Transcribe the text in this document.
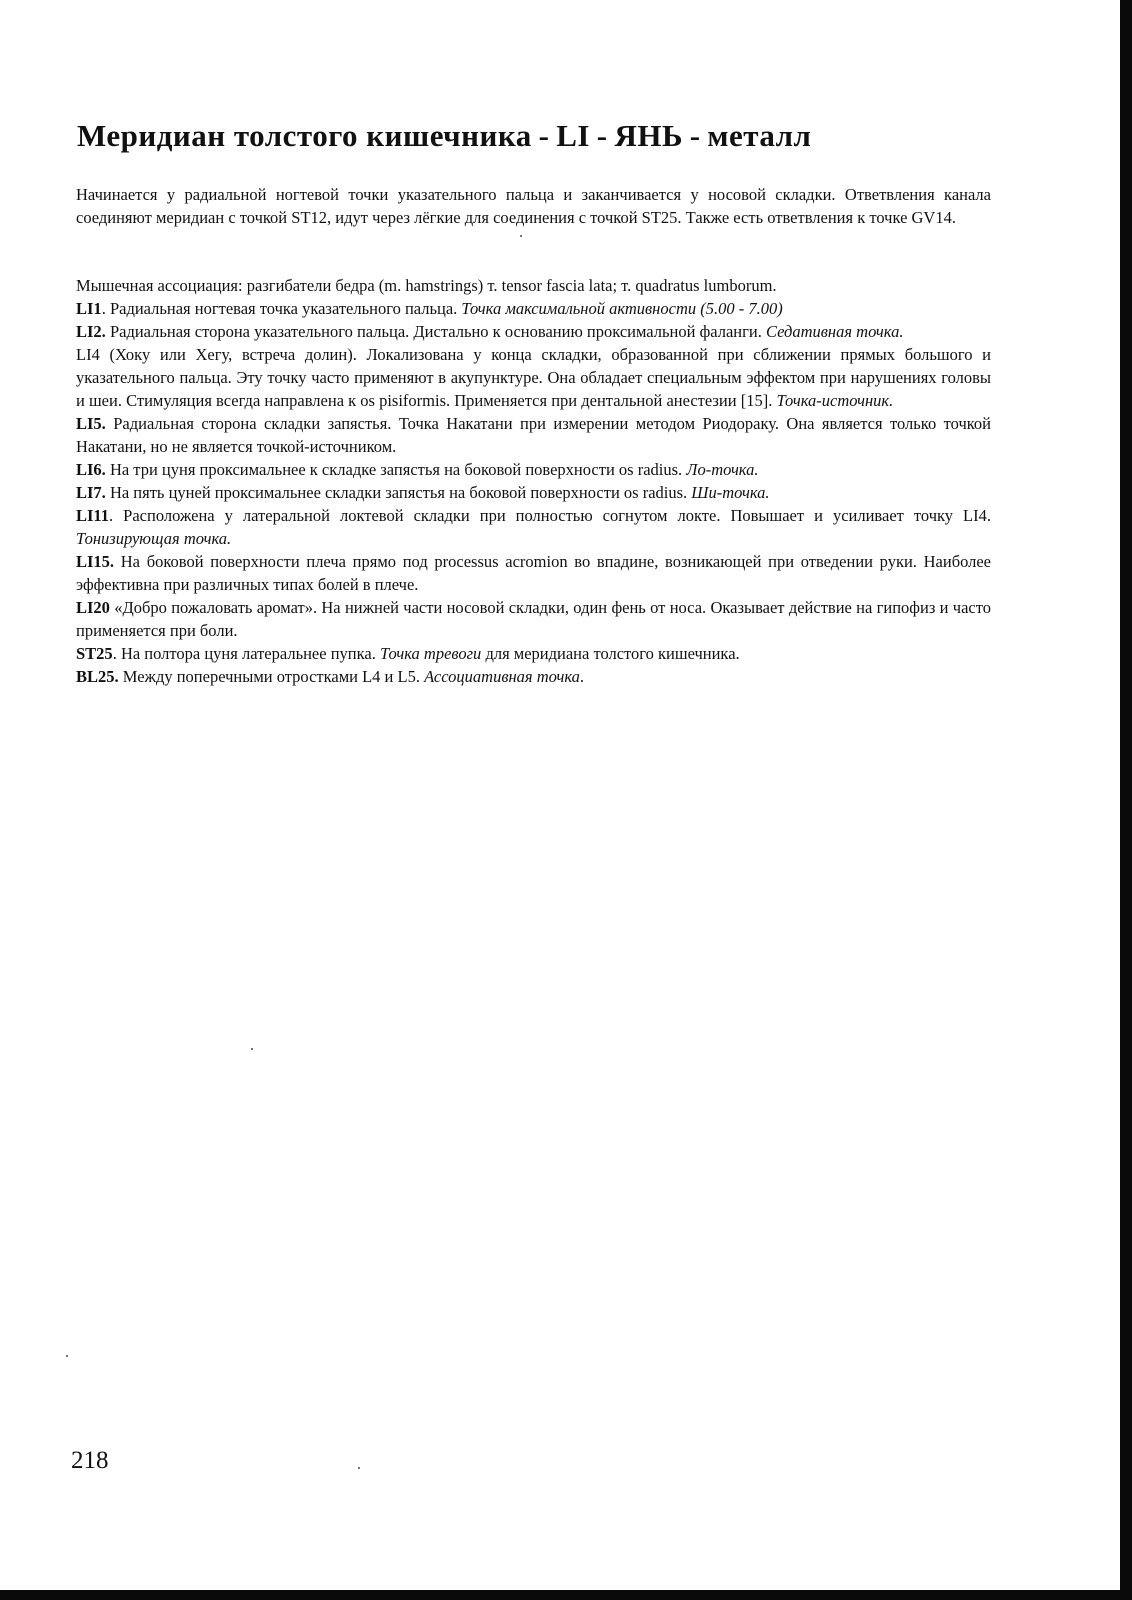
Меридиан толстого кишечника - LI - ЯНЬ - металл

Начинается у радиальной ногтевой точки указательного пальца и заканчивается у носовой складки. Ответвления канала соединяют меридиан с точкой ST12, идут через лёгкие для соединения с точкой ST25. Также есть ответвления к точке GV14.

Мышечная ассоциация: разгибатели бедра (m. hamstrings) т. tensor fascia lata; т. quadratus lumborum.

LI1. Радиальная ногтевая точка указательного пальца. Точка максимальной активности (5.00 - 7.00)

LI2. Радиальная сторона указательного пальца. Дистально к основанию проксимальной фаланги. Седативная точка.

LI4 (Хоку или Хегу, встреча долин). Локализована у конца складки, образованной при сближении прямых большого и указательного пальца. Эту точку часто применяют в акупунктуре. Она обладает специальным эффектом при нарушениях головы и шеи. Стимуляция всегда направлена к os pisiformis. Применяется при дентальной анестезии [15]. Точка-источник.

LI5. Радиальная сторона складки запястья. Точка Накатани при измерении методом Риодораку. Она является только точкой Накатани, но не является точкой-источником.

LI6. На три цуня проксимальнее к складке запястья на боковой поверхности os radius. Ло-точка.

LI7. На пять цуней проксимальнее складки запястья на боковой поверхности os radius. Ши-точка.

LI11. Расположена у латеральной локтевой складки при полностью согнутом локте. Повышает и усиливает точку LI4. Тонизирующая точка.

LI15. На боковой поверхности плеча прямо под processus acromion во впадине, возникающей при отведении руки. Наиболее эффективна при различных типах болей в плече.

LI20 «Добро пожаловать аромат». На нижней части носовой складки, один фень от носа. Оказывает действие на гипофиз и часто применяется при боли.

ST25. На полтора цуня латеральнее пупка. Точка тревоги для меридиана толстого кишечника.

BL25. Между поперечными отростками L4 и L5. Ассоциативная точка.

218
